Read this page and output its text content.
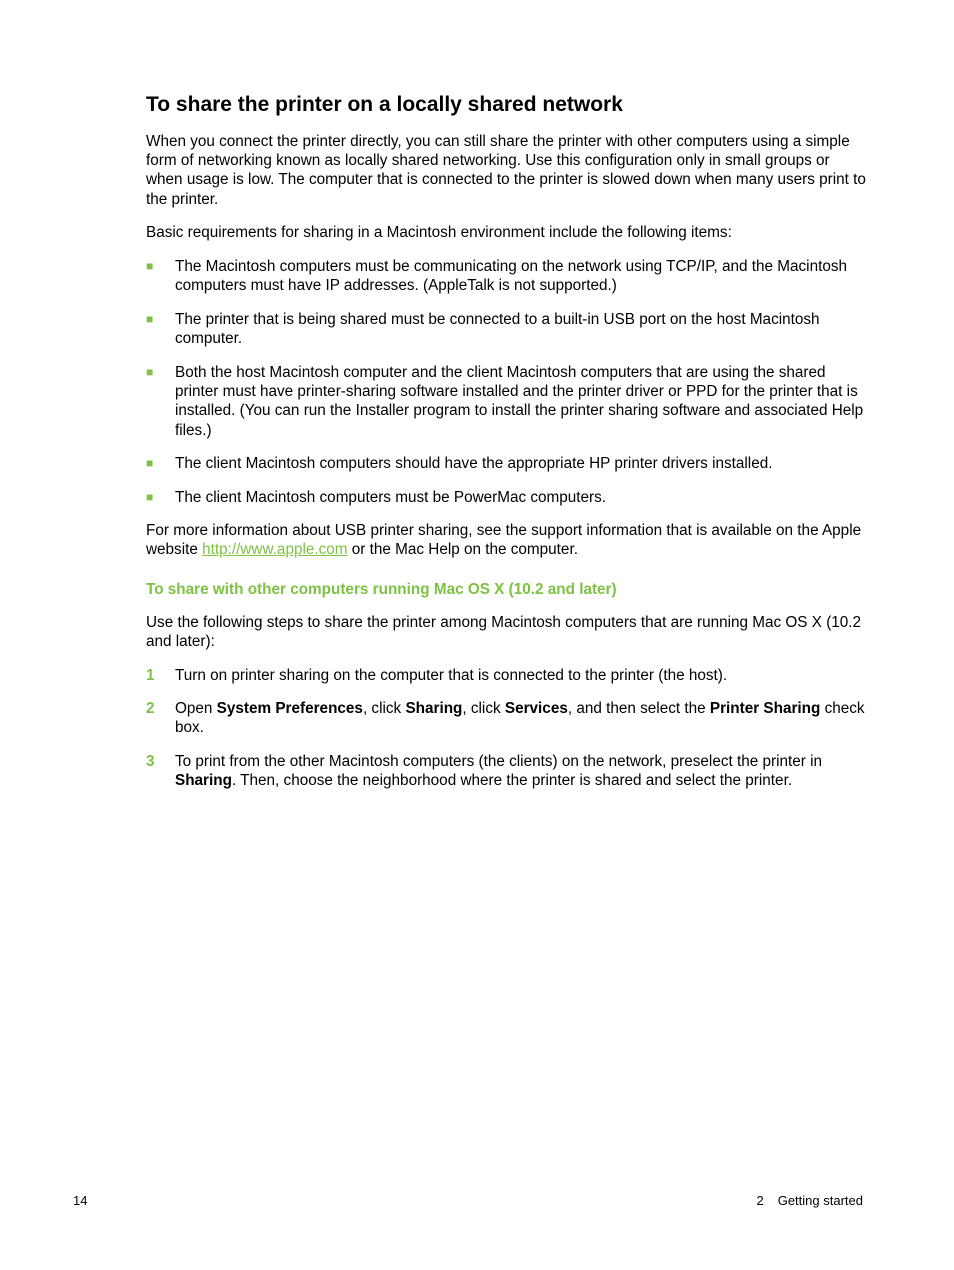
To share the printer on a locally shared network

When you connect the printer directly, you can still share the printer with other computers using a simple form of networking known as locally shared networking. Use this configuration only in small groups or when usage is low. The computer that is connected to the printer is slowed down when many users print to the printer.

Basic requirements for sharing in a Macintosh environment include the following items:

■	The Macintosh computers must be communicating on the network using TCP/IP, and the Macintosh computers must have IP addresses. (AppleTalk is not supported.)

■	The printer that is being shared must be connected to a built-in USB port on the host Macintosh computer.

■	Both the host Macintosh computer and the client Macintosh computers that are using the shared printer must have printer-sharing software installed and the printer driver or PPD for the printer that is installed. (You can run the Installer program to install the printer sharing software and associated Help files.)

■	The client Macintosh computers should have the appropriate HP printer drivers installed.

■	The client Macintosh computers must be PowerMac computers.

For more information about USB printer sharing, see the support information that is available on the Apple website http://www.apple.com or the Mac Help on the computer.

To share with other computers running Mac OS X (10.2 and later)

Use the following steps to share the printer among Macintosh computers that are running Mac OS X (10.2 and later):

1	Turn on printer sharing on the computer that is connected to the printer (the host).

2	Open System Preferences, click Sharing, click Services, and then select the Printer Sharing check box.

3	To print from the other Macintosh computers (the clients) on the network, preselect the printer in Sharing. Then, choose the neighborhood where the printer is shared and select the printer.

14	2 Getting started
